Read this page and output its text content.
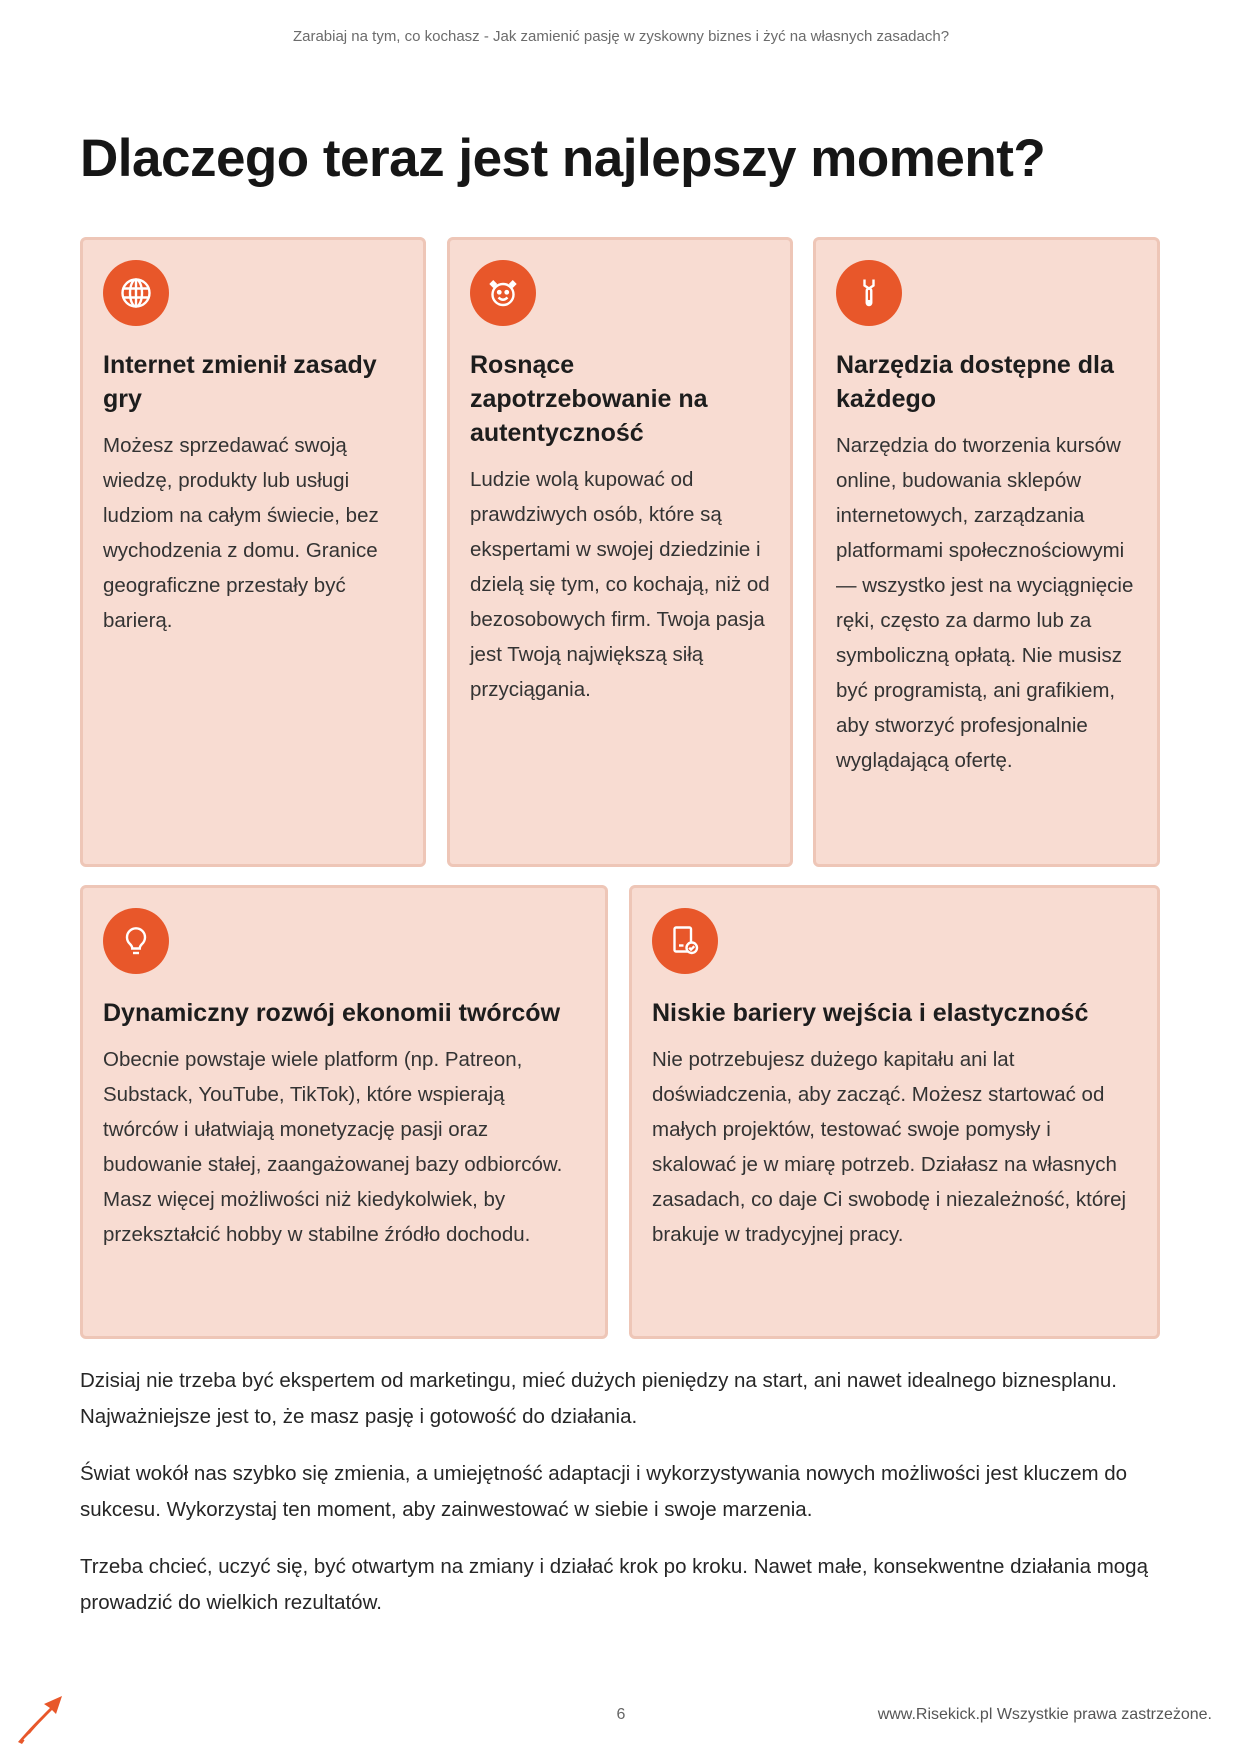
Zarabiaj na tym, co kochasz - Jak zamienić pasję w zyskowny biznes i żyć na własnych zasadach?
Dlaczego teraz jest najlepszy moment?
Internet zmienił zasady gry

Możesz sprzedawać swoją wiedzę, produkty lub usługi ludziom na całym świecie, bez wychodzenia z domu. Granice geograficzne przestały być barierą.

Rosnące zapotrzebowanie na autentyczność

Ludzie wolą kupować od prawdziwych osób, które są ekspertami w swojej dziedzinie i dzielą się tym, co kochają, niż od bezosobowych firm. Twoja pasja jest Twoją największą siłą przyciągania.

Narzędzia dostępne dla każdego

Narzędzia do tworzenia kursów online, budowania sklepów internetowych, zarządzania platformami społecznościowymi — wszystko jest na wyciągnięcie ręki, często za darmo lub za symboliczną opłatą. Nie musisz być programistą, ani grafikiem, aby stworzyć profesjonalnie wyglądającą ofertę.

Dynamiczny rozwój ekonomii twórców

Obecnie powstaje wiele platform (np. Patreon, Substack, YouTube, TikTok), które wspierają twórców i ułatwiają monetyzację pasji oraz budowanie stałej, zaangażowanej bazy odbiorców. Masz więcej możliwości niż kiedykolwiek, by przekształcić hobby w stabilne źródło dochodu.

Niskie bariery wejścia i elastyczność

Nie potrzebujesz dużego kapitału ani lat doświadczenia, aby zacząć. Możesz startować od małych projektów, testować swoje pomysły i skalować je w miarę potrzeb. Działasz na własnych zasadach, co daje Ci swobodę i niezależność, której brakuje w tradycyjnej pracy.

Dzisiaj nie trzeba być ekspertem od marketingu, mieć dużych pieniędzy na start, ani nawet idealnego biznesplanu. Najważniejsze jest to, że masz pasję i gotowość do działania.

Świat wokół nas szybko się zmienia, a umiejętność adaptacji i wykorzystywania nowych możliwości jest kluczem do sukcesu. Wykorzystaj ten moment, aby zainwestować w siebie i swoje marzenia.

Trzeba chcieć, uczyć się, być otwartym na zmiany i działać krok po kroku. Nawet małe, konsekwentne działania mogą prowadzić do wielkich rezultatów.

6	www.Risekick.pl Wszystkie prawa zastrzeżone.
